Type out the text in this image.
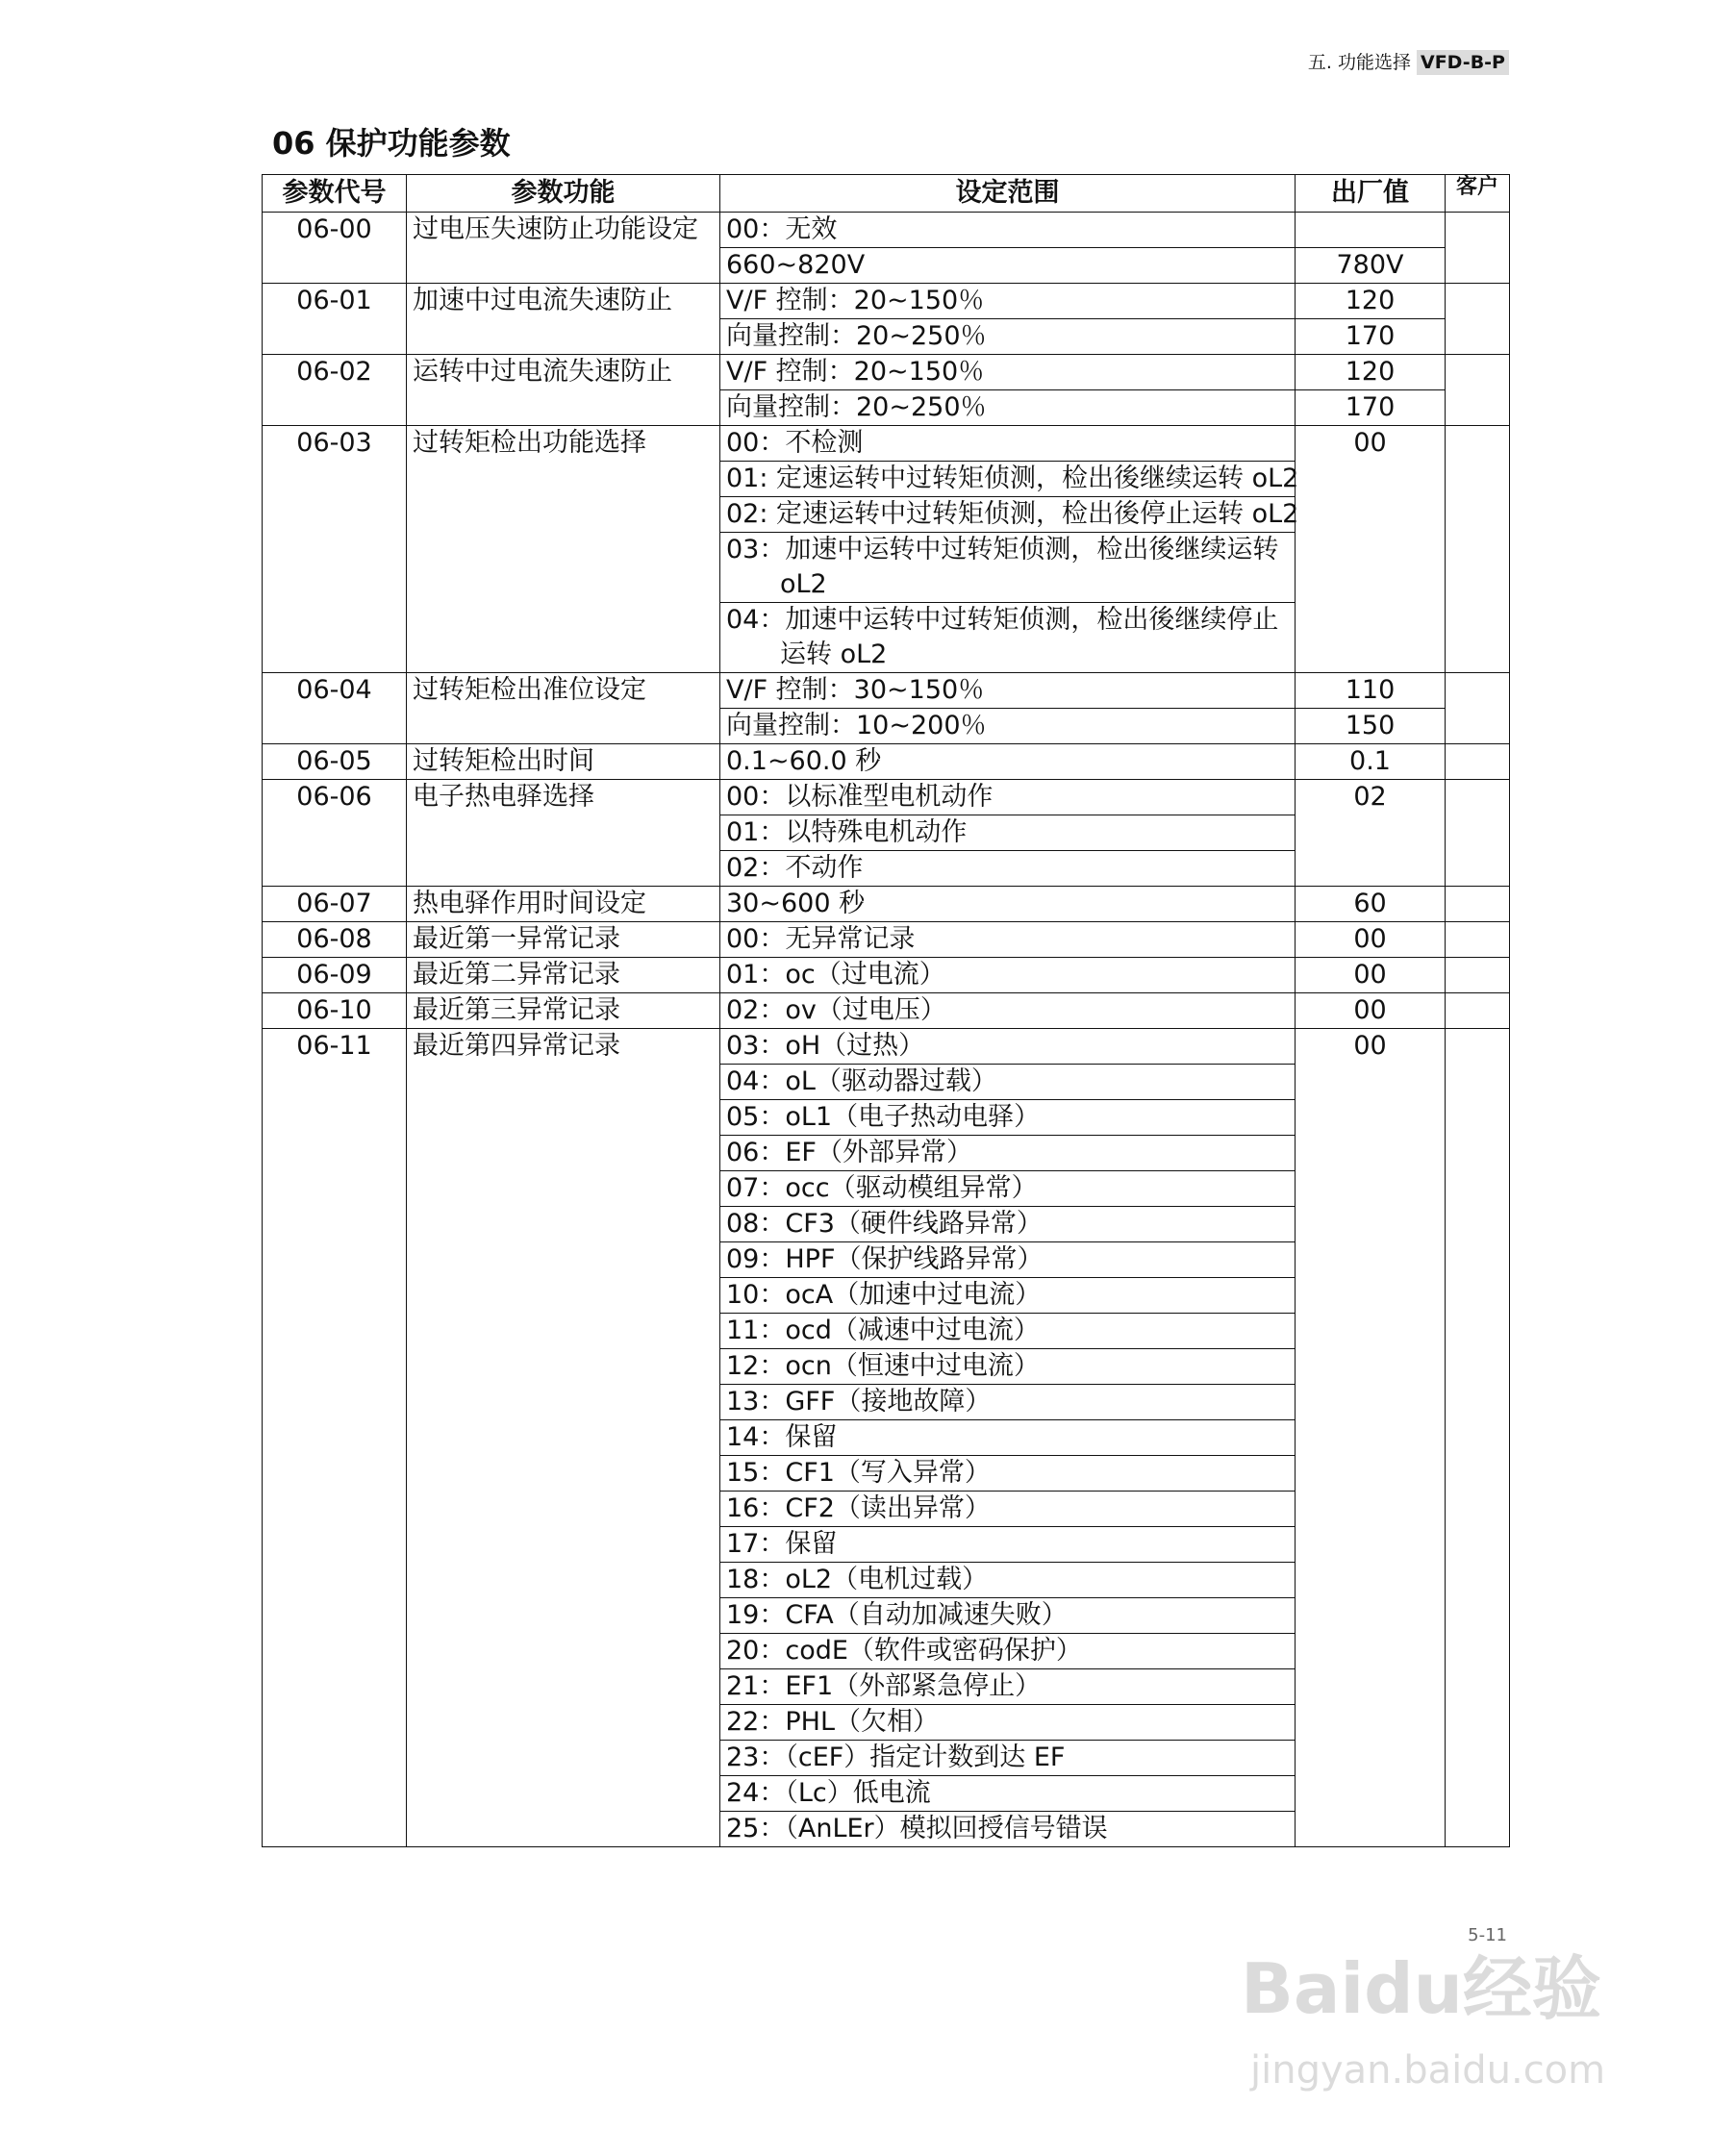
五. 功能选择 VFD-B-P
06 保护功能参数
参数代号	参数功能	设定范围	出厂值	客户
06-00	过电压失速防止功能设定	00：无效		
		660~820V	780V	
06-01	加速中过电流失速防止	V/F 控制：20~150％	120	
		向量控制：20~250％	170	
06-02	运转中过电流失速防止	V/F 控制：20~150％	120	
		向量控制：20~250％	170	
06-03	过转矩检出功能选择	00：不检测	00	
		01: 定速运转中过转矩侦测，检出後继续运转 oL2		
		02: 定速运转中过转矩侦测，检出後停止运转 oL2		
		03：加速中运转中过转矩侦测，检出後继续运转
oL2		

		04：加速中运转中过转矩侦测，检出後继续停止
运转 oL2		

06-04	过转矩检出准位设定	V/F 控制：30~150％	110	
		向量控制：10~200％	150	
06-05	过转矩检出时间	0.1~60.0 秒	0.1	
06-06	电子热电驿选择	00：以标准型电机动作	02	
		01：以特殊电机动作		
		02：不动作		
06-07	热电驿作用时间设定	30~600 秒	60	
06-08	最近第一异常记录	00：无异常记录	00	
06-09	最近第二异常记录	01：oc（过电流）	00	
06-10	最近第三异常记录	02：ov（过电压）	00	
06-11	最近第四异常记录	03：oH（过热）	00	
		04：oL（驱动器过载）		
		05：oL1（电子热动电驿）		
		06：EF（外部异常）		
		07：occ（驱动模组异常）		
		08：CF3（硬件线路异常）		
		09：HPF（保护线路异常）		
		10：ocA（加速中过电流）		
		11：ocd（减速中过电流）		
		12：ocn（恒速中过电流）		
		13：GFF（接地故障）		
		14：保留		
		15：CF1（写入异常）		
		16：CF2（读出异常）		
		17：保留		
		18：oL2（电机过载）		
		19：CFA（自动加减速失败）		
		20：codE（软件或密码保护）		
		21：EF1（外部紧急停止）		
		22：PHL（欠相）		
		23：（cEF）指定计数到达 EF		
		24：（Lc）低电流		
		25：（AnLEr）模拟回授信号错误		
5-11
Baidu经验
jingyan.baidu.com
